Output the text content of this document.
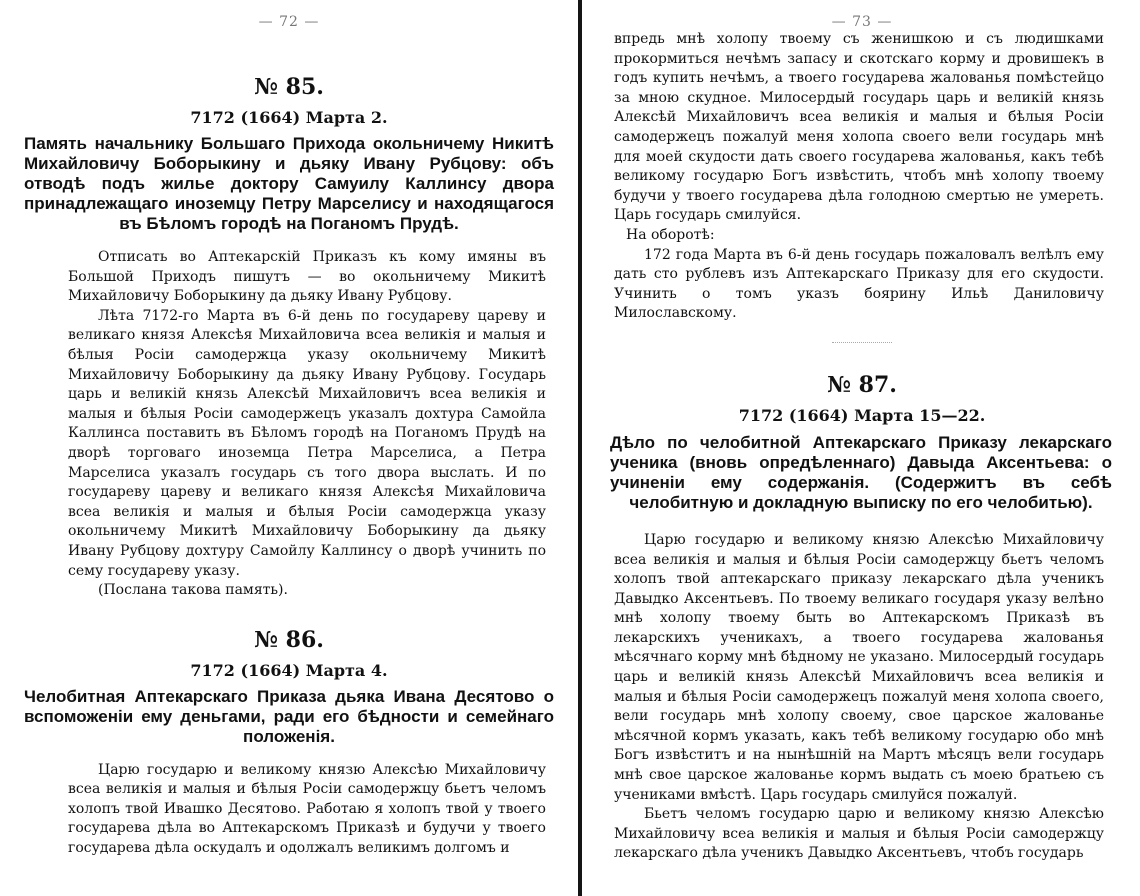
— 72 —
№ 85.
7172 (1664) Марта 2.
Память начальнику Большаго Прихода окольничему Никитѣ Михайловичу Боборыкину и дьяку Ивану Рубцову: объ отводѣ подъ жилье доктору Самуилу Каллинсу двора принадлежащаго иноземцу Петру Марселису и находящагося въ Бѣломъ городѣ на Поганомъ Прудѣ.

Отписать во Аптекарскій Приказъ къ кому имяны въ Большой Приходъ пишутъ — во окольничему Микитѣ Михайловичу Боборыкину да дьяку Ивану Рубцову.

Лѣта 7172-го Марта въ 6-й день по государеву цареву и великаго князя Алексѣя Михайловича всеа великія и малыя и бѣлыя Росіи самодержца указу окольничему Микитѣ Михайловичу Боборыкину да дьяку Ивану Рубцову. Государь царь и великій князь Алексѣй Михайловичъ всеа великія и малыя и бѣлыя Росіи самодержецъ указалъ дохтура Самойла Каллинса поставить въ Бѣломъ городѣ на Поганомъ Прудѣ на дворѣ торговаго иноземца Петра Марселиса, а Петра Марселиса указалъ государь съ того двора выслать. И по государеву цареву и великаго князя Алексѣя Михайловича всеа великія и малыя и бѣлыя Росіи самодержца указу окольничему Микитѣ Михайловичу Боборыкину да дьяку Ивану Рубцову дохтуру Самойлу Каллинсу о дворѣ учинить по сему государеву указу.

(Послана такова память).

№ 86.
7172 (1664) Марта 4.
Челобитная Аптекарскаго Приказа дьяка Ивана Десятово о вспоможеніи ему деньгами, ради его бѣдности и семейнаго положенія.

Царю государю и великому князю Алексѣю Михайловичу всеа великія и малыя и бѣлыя Росіи самодержцу бьетъ челомъ холопъ твой Ивашко Десятово. Работаю я холопъ твой у твоего государева дѣла во Аптекарскомъ Приказѣ и будучи у твоего государева дѣла оскудалъ и одолжалъ великимъ долгомъ и

— 73 —

впредь мнѣ холопу твоему съ женишкою и съ людишками прокормиться нечѣмъ запасу и скотскаго корму и дровишекъ в годъ купить нечѣмъ, а твоего государева жалованья помѣстейцо за мною скудное. Милосердый государь царь и великій князь Алексѣй Михайловичъ всеа великія и малыя и бѣлыя Росіи самодержецъ пожалуй меня холопа своего вели государь мнѣ для моей скудости дать своего государева жалованья, какъ тебѣ великому государю Богъ извѣстить, чтобъ мнѣ холопу твоему будучи у твоего государева дѣла голодною смертью не умереть. Царь государь смилуйся.

На оборотѣ:

172 года Марта въ 6-й день государь пожаловалъ велѣлъ ему дать сто рублевъ изъ Аптекарскаго Приказу для его скудости. Учинить о томъ указъ боярину Ильѣ Даниловичу Милославскому.

№ 87.
7172 (1664) Марта 15—22.
Дѣло по челобитной Аптекарскаго Приказу лекарскаго ученика (вновь опредѣленнаго) Давыда Аксентьева: о учиненіи ему содержанія. (Содержитъ въ себѣ челобитную и докладную выписку по его челобитью).

Царю государю и великому князю Алексѣю Михайловичу всеа великія и малыя и бѣлыя Росіи самодержцу бьетъ челомъ холопъ твой аптекарскаго приказу лекарскаго дѣла ученикъ Давыдко Аксентьевъ. По твоему великаго государя указу велѣно мнѣ холопу твоему быть во Аптекарскомъ Приказѣ въ лекарскихъ ученикахъ, а твоего государева жалованья мѣсячнаго корму мнѣ бѣдному не указано. Милосердый государь царь и великій князь Алексѣй Михайловичъ всеа великія и малыя и бѣлыя Росіи самодержецъ пожалуй меня холопа своего, вели государь мнѣ холопу своему, свое царское жалованье мѣсячной кормъ указать, какъ тебѣ великому государю обо мнѣ Богъ извѣститъ и на нынѣшній на Мартъ мѣсяцъ вели государь мнѣ свое царское жалованье кормъ выдать съ моею братьею съ учениками вмѣстѣ. Царь государь смилуйся пожалуй.

Бьетъ челомъ государю царю и великому князю Алексѣю Михайловичу всеа великія и малыя и бѣлыя Росіи самодержцу лекарскаго дѣла ученикъ Давыдко Аксентьевъ, чтобъ государь
